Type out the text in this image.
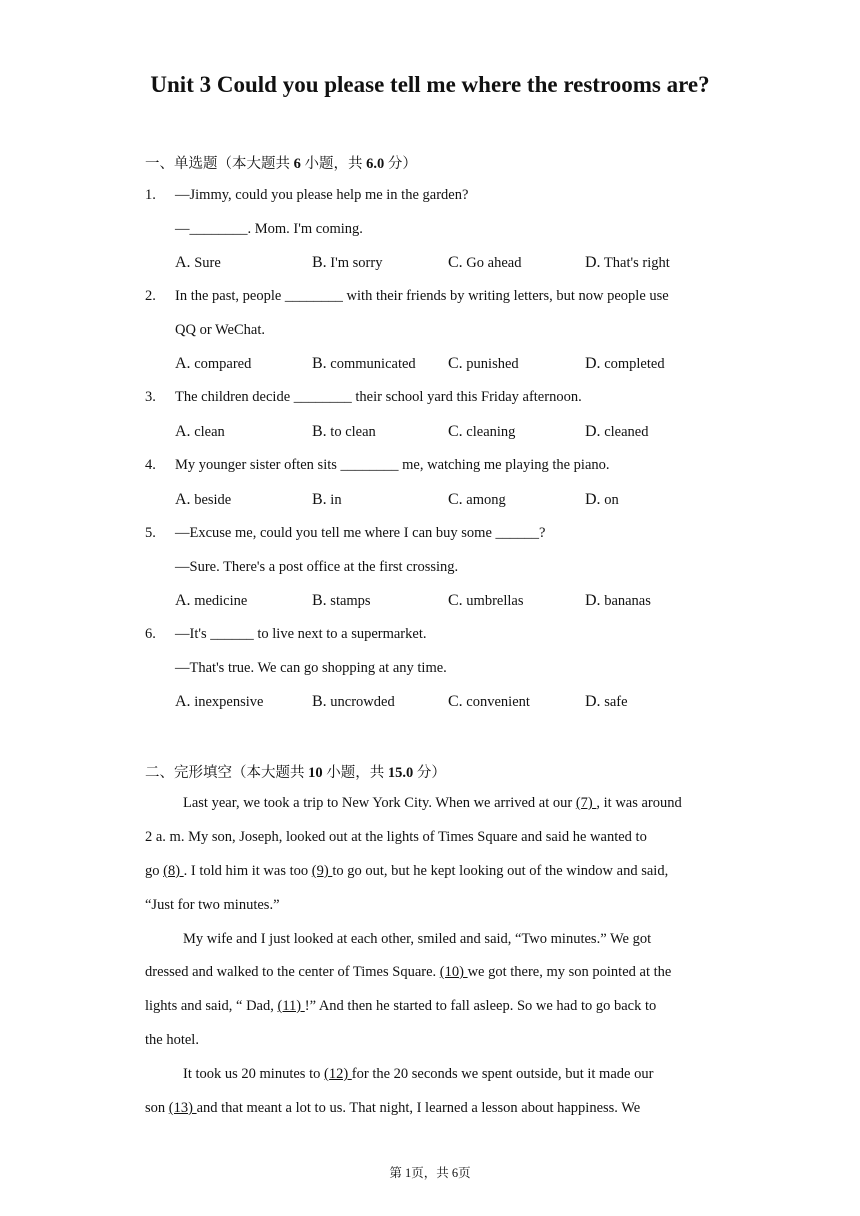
Unit 3 Could you please tell me where the restrooms are?
一、单选题（本大题共 6 小题，共 6.0 分）
1. —Jimmy, could you please help me in the garden?
—________. Mom. I'm coming.
A. Sure	B. I'm sorry	C. Go ahead	D. That's right
2. In the past, people ________ with their friends by writing letters, but now people use
QQ or WeChat.
A. compared	B. communicated C. punished	D. completed
3. The children decide ________ their school yard this Friday afternoon.
A. clean	B. to clean	C. cleaning	D. cleaned
4. My younger sister often sits ________ me, watching me playing the piano.
A. beside	B. in	C. among	D. on
5. —Excuse me, could you tell me where I can buy some ______?
—Sure. There's a post office at the first crossing.
A. medicine	B. stamps	C. umbrellas	D. bananas
6. —It's ______ to live next to a supermarket.
—That's true. We can go shopping at any time.
A. inexpensive	B. uncrowded	C. convenient	D. safe
二、完形填空（本大题共 10 小题，共 15.0 分）
Last year, we took a trip to New York City. When we arrived at our (7) , it was around
2 a. m. My son, Joseph, looked out at the lights of Times Square and said he wanted to
go (8) . I told him it was too (9) to go out, but he kept looking out of the window and said,
“Just for two minutes.”
My wife and I just looked at each other, smiled and said, “Two minutes.” We got
dressed and walked to the center of Times Square. (10) we got there, my son pointed at the
lights and said, “ Dad, (11) !” And then he started to fall asleep. So we had to go back to
the hotel.
It took us 20 minutes to (12) for the 20 seconds we spent outside, but it made our
son (13) and that meant a lot to us. That night, I learned a lesson about happiness. We
第 1页，共 6页
